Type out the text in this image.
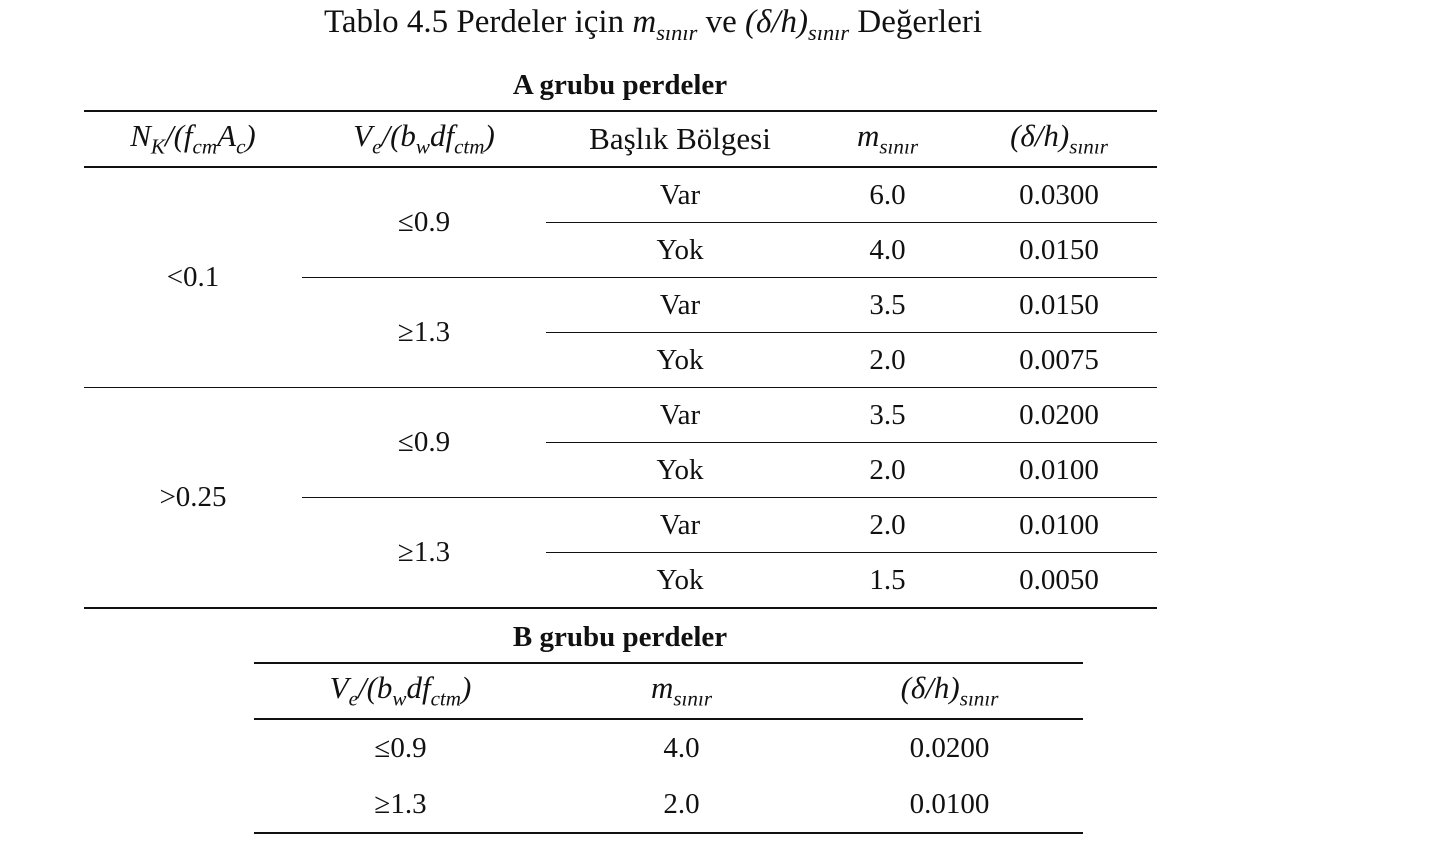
Tablo 4.5 Perdeler için $m_{sınır}$ ve $(\delta/h)_{sınır}$ Değerleri
A grubu perdeler
$N_K/(f_{cm}A_c)$	$V_e/(b_wdf_{ctm})$	Başlık Bölgesi	$m_{sınır}$	$(\delta/h)_{sınır}$
<0.1	≤0.9	Var	6.0	0.0300
		Yok	4.0	0.0150
	≥1.3	Var	3.5	0.0150
		Yok	2.0	0.0075
>0.25	≤0.9	Var	3.5	0.0200
		Yok	2.0	0.0100
	≥1.3	Var	2.0	0.0100
		Yok	1.5	0.0050
B grubu perdeler
$V_e/(b_wdf_{ctm})$	$m_{sınır}$	$(\delta/h)_{sınır}$
≤0.9	4.0	0.0200
≥1.3	2.0	0.0100
